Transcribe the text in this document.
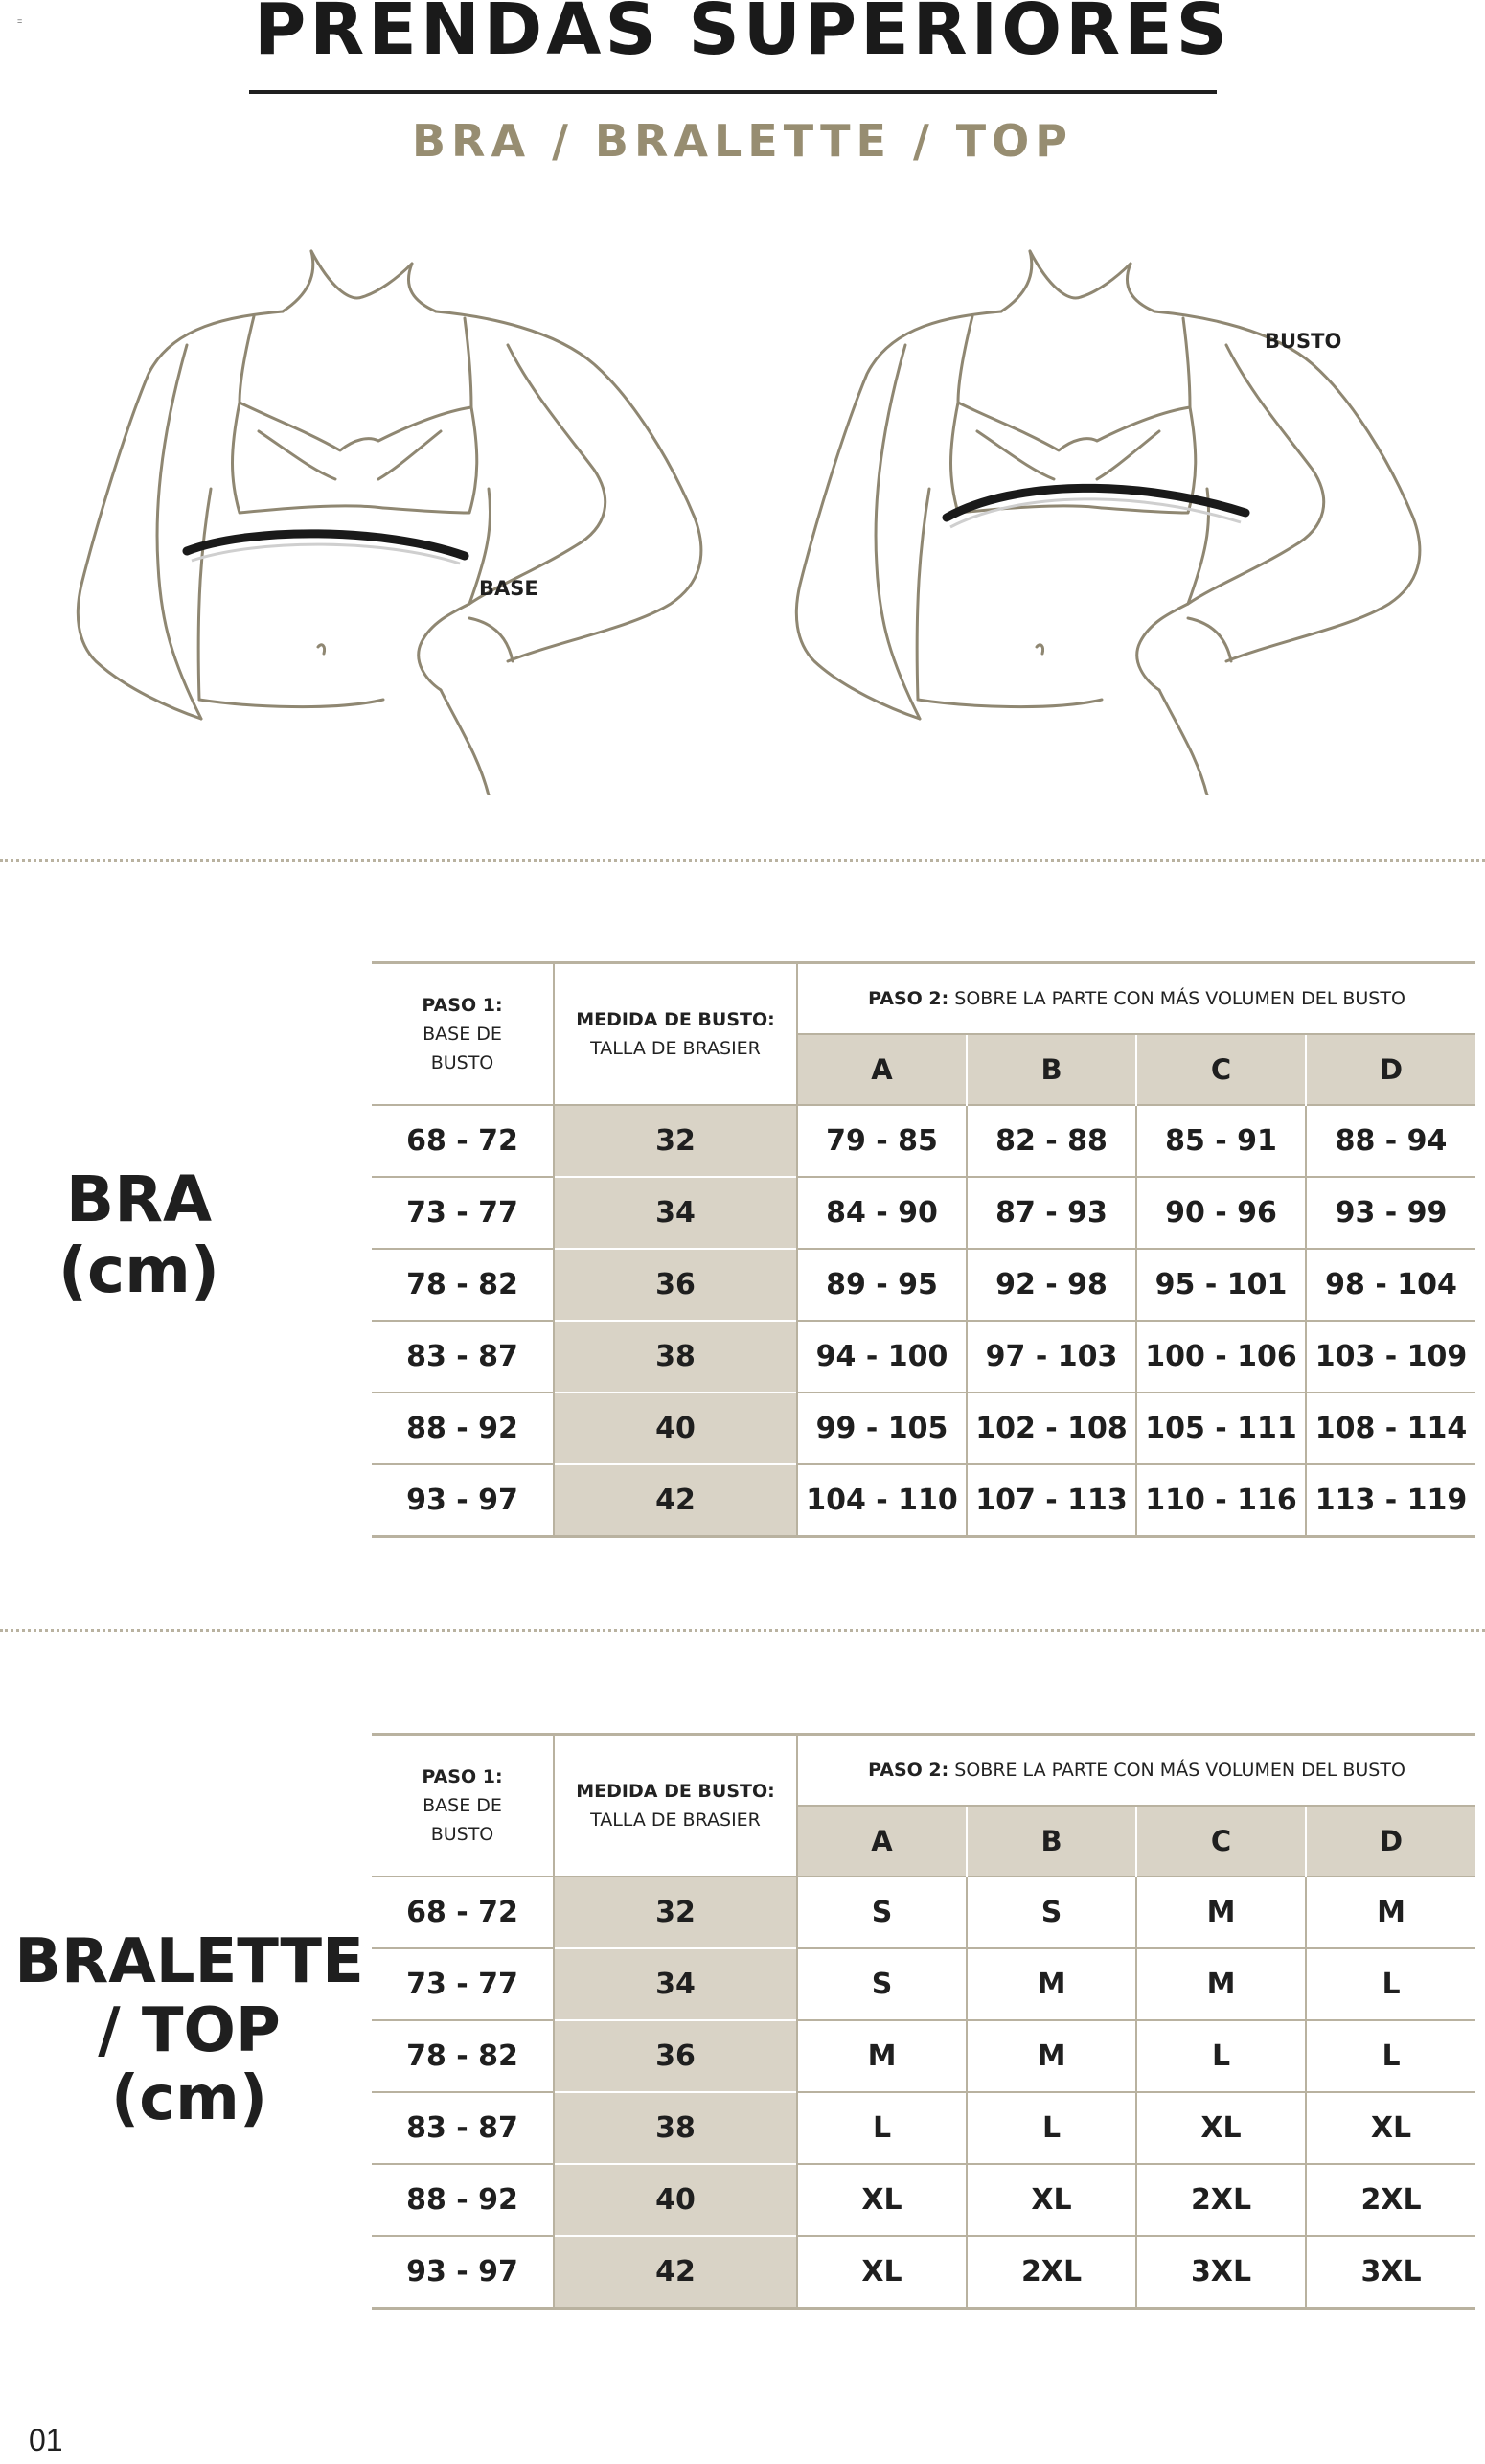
=	PRENDAS SUPERIORES
BRA / BRALETTE / TOP
BASE
BUSTO
BRA
(cm)
PASO 1:
BASE DE BUSTO	MEDIDA DE BUSTO:
TALLA DE BRASIER	PASO 2: SOBRE LA PARTE CON MÁS VOLUMEN DEL BUSTO			
		A	B	C	D
68 - 72	32	79 - 85	82 - 88	85 - 91	88 - 94
73 - 77	34	84 - 90	87 - 93	90 - 96	93 - 99
78 - 82	36	89 - 95	92 - 98	95 - 101	98 - 104
83 - 87	38	94 - 100	97 - 103	100 - 106	103 - 109
88 - 92	40	99 - 105	102 - 108	105 - 111	108 - 114
93 - 97	42	104 - 110	107 - 113	110 - 116	113 - 119
BRALETTE
/ TOP
(cm)
PASO 1:
BASE DE BUSTO	MEDIDA DE BUSTO:
TALLA DE BRASIER	PASO 2: SOBRE LA PARTE CON MÁS VOLUMEN DEL BUSTO			
		A	B	C	D
68 - 72	32	S	S	M	M
73 - 77	34	S	M	M	L
78 - 82	36	M	M	L	L
83 - 87	38	L	L	XL	XL
88 - 92	40	XL	XL	2XL	2XL
93 - 97	42	XL	2XL	3XL	3XL
01
